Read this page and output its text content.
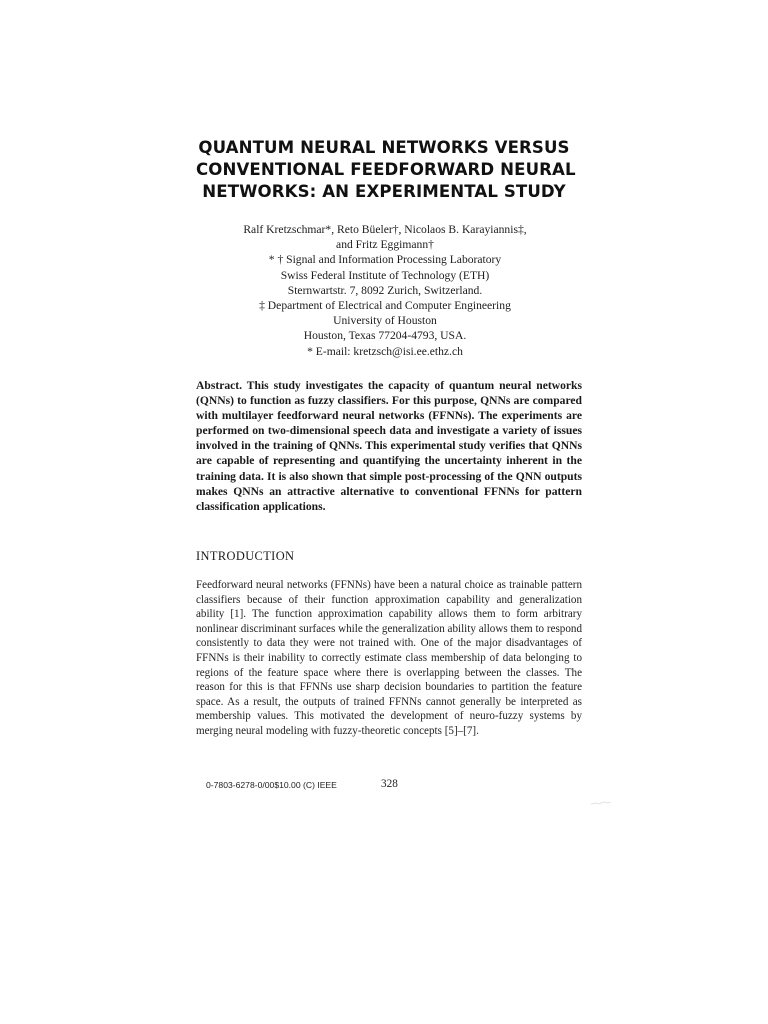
QUANTUM NEURAL NETWORKS VERSUS
CONVENTIONAL FEEDFORWARD NEURAL
NETWORKS: AN EXPERIMENTAL STUDY
Ralf Kretzschmar*, Reto Büeler†, Nicolaos B. Karayiannis‡,
and Fritz Eggimann†
* † Signal and Information Processing Laboratory
Swiss Federal Institute of Technology (ETH)
Sternwartstr. 7, 8092 Zurich, Switzerland.
‡ Department of Electrical and Computer Engineering
University of Houston
Houston, Texas 77204-4793, USA.
* E-mail: kretzsch@isi.ee.ethz.ch
Abstract. This study investigates the capacity of quantum neural networks (QNNs) to function as fuzzy classifiers. For this purpose, QNNs are compared with multilayer feedforward neural networks (FFNNs). The experiments are performed on two-dimensional speech data and investigate a variety of issues involved in the training of QNNs. This experimental study verifies that QNNs are capable of representing and quantifying the uncertainty inherent in the training data. It is also shown that simple post-processing of the QNN outputs makes QNNs an attractive alternative to conventional FFNNs for pattern classification applications.
INTRODUCTION
Feedforward neural networks (FFNNs) have been a natural choice as trainable pattern classifiers because of their function approximation capability and generalization ability [1]. The function approximation capability allows them to form arbitrary nonlinear discriminant surfaces while the generalization ability allows them to respond consistently to data they were not trained with. One of the major disadvantages of FFNNs is their inability to correctly estimate class membership of data belonging to regions of the feature space where there is overlapping between the classes. The reason for this is that FFNNs use sharp decision boundaries to partition the feature space. As a result, the outputs of trained FFNNs cannot generally be interpreted as membership values. This motivated the development of neuro-fuzzy systems by merging neural modeling with fuzzy-theoretic concepts [5]–[7].
0-7803-6278-0/00$10.00 (C) IEEE	328
